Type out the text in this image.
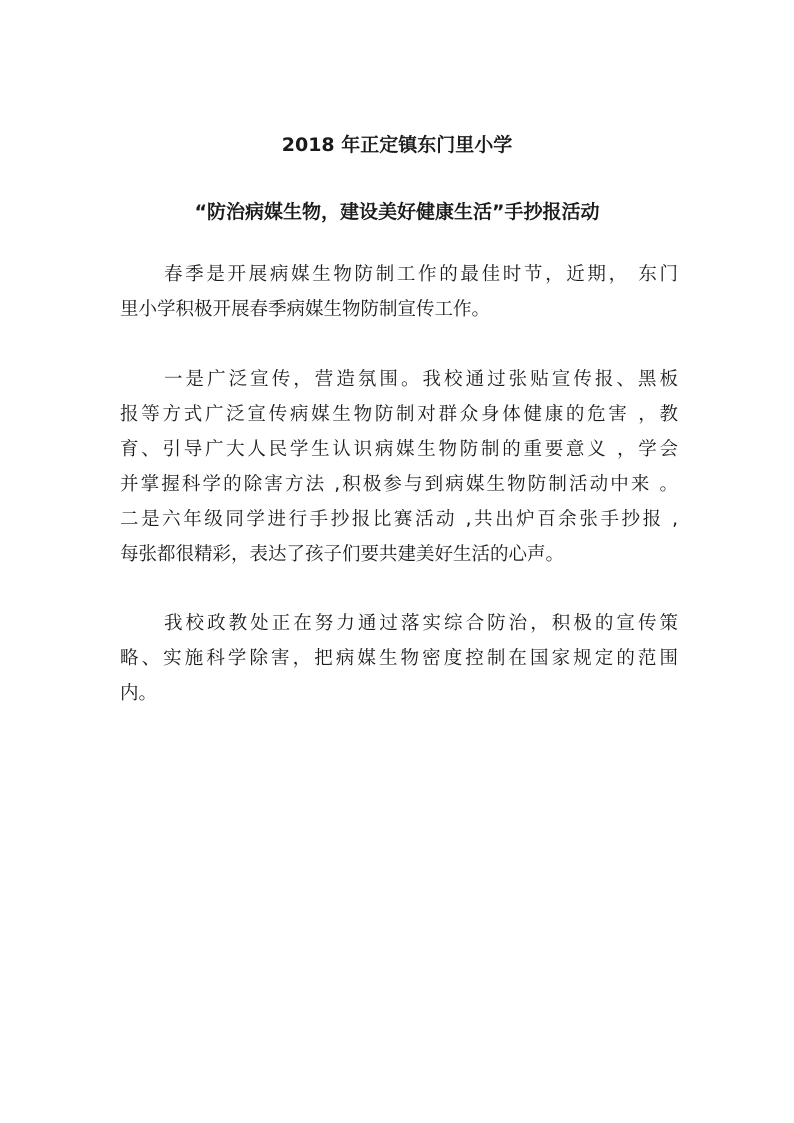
2018 年正定镇东门里小学
“防治病媒生物，建设美好健康生活”手抄报活动
春季是开展病媒生物防制工作的最佳时节，近期， 东门
里小学积极开展春季病媒生物防制宣传工作。
一是广泛宣传，营造氛围。我校通过张贴宣传报、黑板
报等方式广泛宣传病媒生物防制对群众身体健康的危害 ，教
育、引导广大人民学生认识病媒生物防制的重要意义 ，学会
并掌握科学的除害方法 ,积极参与到病媒生物防制活动中来 。
二是六年级同学进行手抄报比赛活动 ,共出炉百余张手抄报 ,
每张都很精彩，表达了孩子们要共建美好生活的心声。
我校政教处正在努力通过落实综合防治，积极的宣传策
略、实施科学除害，把病媒生物密度控制在国家规定的范围
内。
